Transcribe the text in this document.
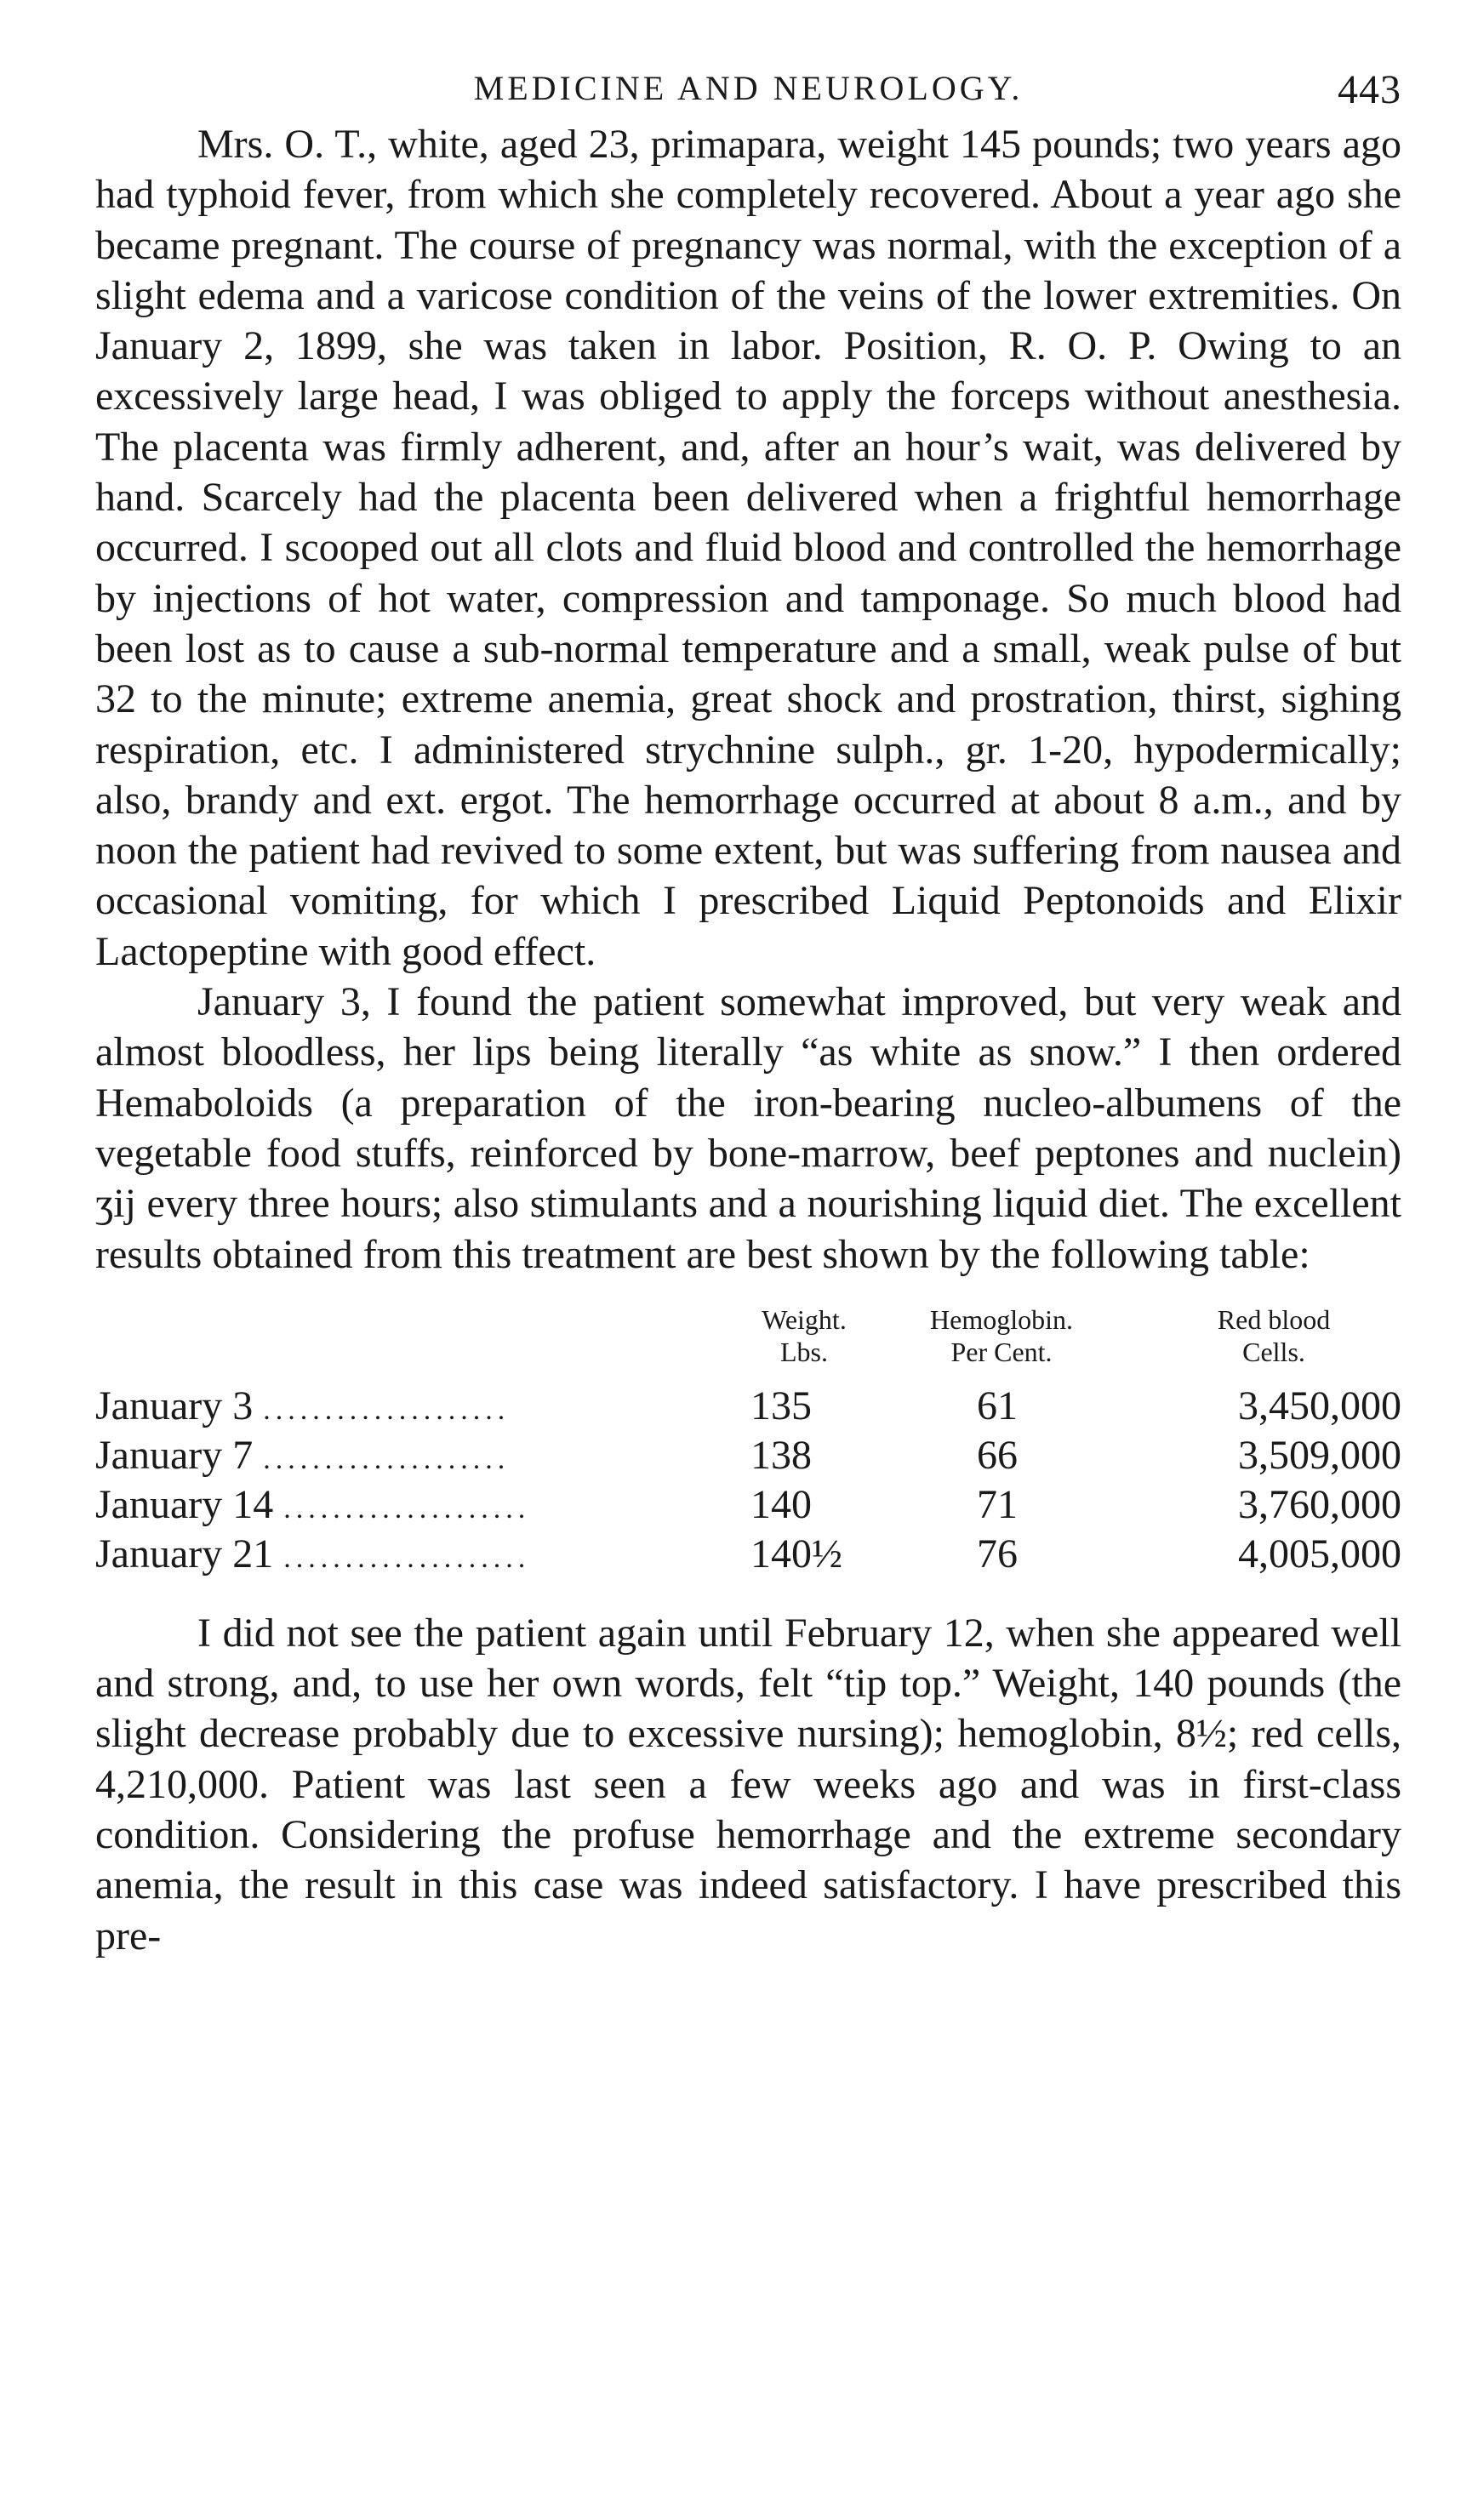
MEDICINE AND NEUROLOGY.	443

Mrs. O. T., white, aged 23, primapara, weight 145 pounds; two years ago had typhoid fever, from which she completely recovered. About a year ago she became pregnant. The course of pregnancy was normal, with the exception of a slight edema and a varicose condition of the veins of the lower extremities. On January 2, 1899, she was taken in labor. Position, R. O. P. Owing to an excessively large head, I was obliged to apply the forceps without anesthesia. The placenta was firmly adherent, and, after an hour’s wait, was delivered by hand. Scarcely had the placenta been delivered when a frightful hemorrhage occurred. I scooped out all clots and fluid blood and controlled the hemorrhage by injections of hot water, compression and tamponage. So much blood had been lost as to cause a sub-normal temperature and a small, weak pulse of but 32 to the minute; extreme anemia, great shock and prostration, thirst, sighing respiration, etc. I administered strychnine sulph., gr. 1-20, hypodermically; also, brandy and ext. ergot. The hemorrhage occurred at about 8 a.m., and by noon the patient had revived to some extent, but was suffering from nausea and occasional vomiting, for which I prescribed Liquid Peptonoids and Elixir Lactopeptine with good effect.

January 3, I found the patient somewhat improved, but very weak and almost bloodless, her lips being literally “as white as snow.” I then ordered Hemaboloids (a preparation of the iron-bearing nucleo-albumens of the vegetable food stuffs, reinforced by bone-marrow, beef peptones and nuclein) ʒij every three hours; also stimulants and a nourishing liquid diet. The excellent results obtained from this treatment are best shown by the following table:

Weight.
Lbs.
Hemoglobin.
Per Cent.
Red blood
Cells.
January 3 ....................	135	61	3,450,000
January 7 ....................	138	66	3,509,000
January 14 ....................	140	71	3,760,000
January 21 ....................	140½	76	4,005,000

I did not see the patient again until February 12, when she appeared well and strong, and, to use her own words, felt “tip top.” Weight, 140 pounds (the slight decrease probably due to excessive nursing); hemoglobin, 8½; red cells, 4,210,000. Patient was last seen a few weeks ago and was in first-class condition. Considering the profuse hemorrhage and the extreme secondary anemia, the result in this case was indeed satisfactory. I have prescribed this pre-
